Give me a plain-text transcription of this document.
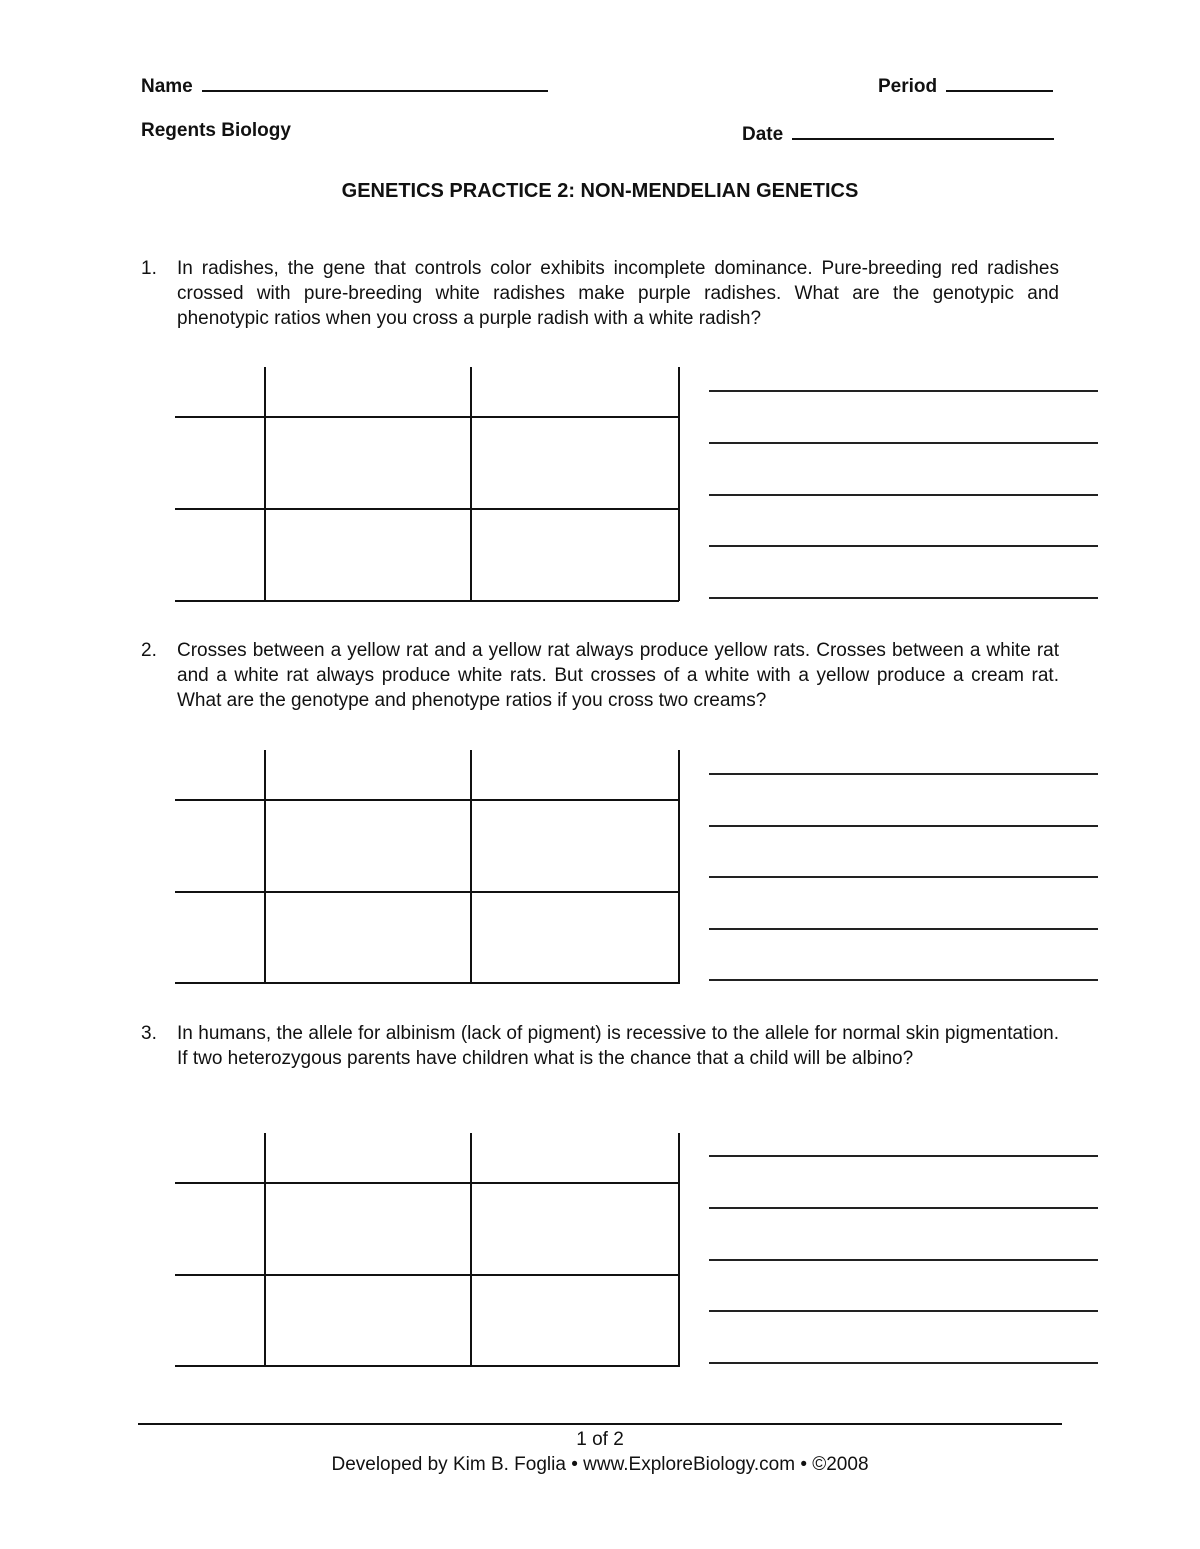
Name	Period
Regents Biology	Date
GENETICS PRACTICE 2: NON-MENDELIAN GENETICS
1. In radishes, the gene that controls color exhibits incomplete dominance. Pure-breeding red radishes crossed with pure-breeding white radishes make purple radishes. What are the genotypic and phenotypic ratios when you cross a purple radish with a white radish?
2. Crosses between a yellow rat and a yellow rat always produce yellow rats. Crosses between a white rat and a white rat always produce white rats. But crosses of a white with a yellow produce a cream rat. What are the genotype and phenotype ratios if you cross two creams?
3. In humans, the allele for albinism (lack of pigment) is recessive to the allele for normal skin pigmentation. If two heterozygous parents have children what is the chance that a child will be albino?
1 of 2
Developed by Kim B. Foglia • www.ExploreBiology.com • ©2008
